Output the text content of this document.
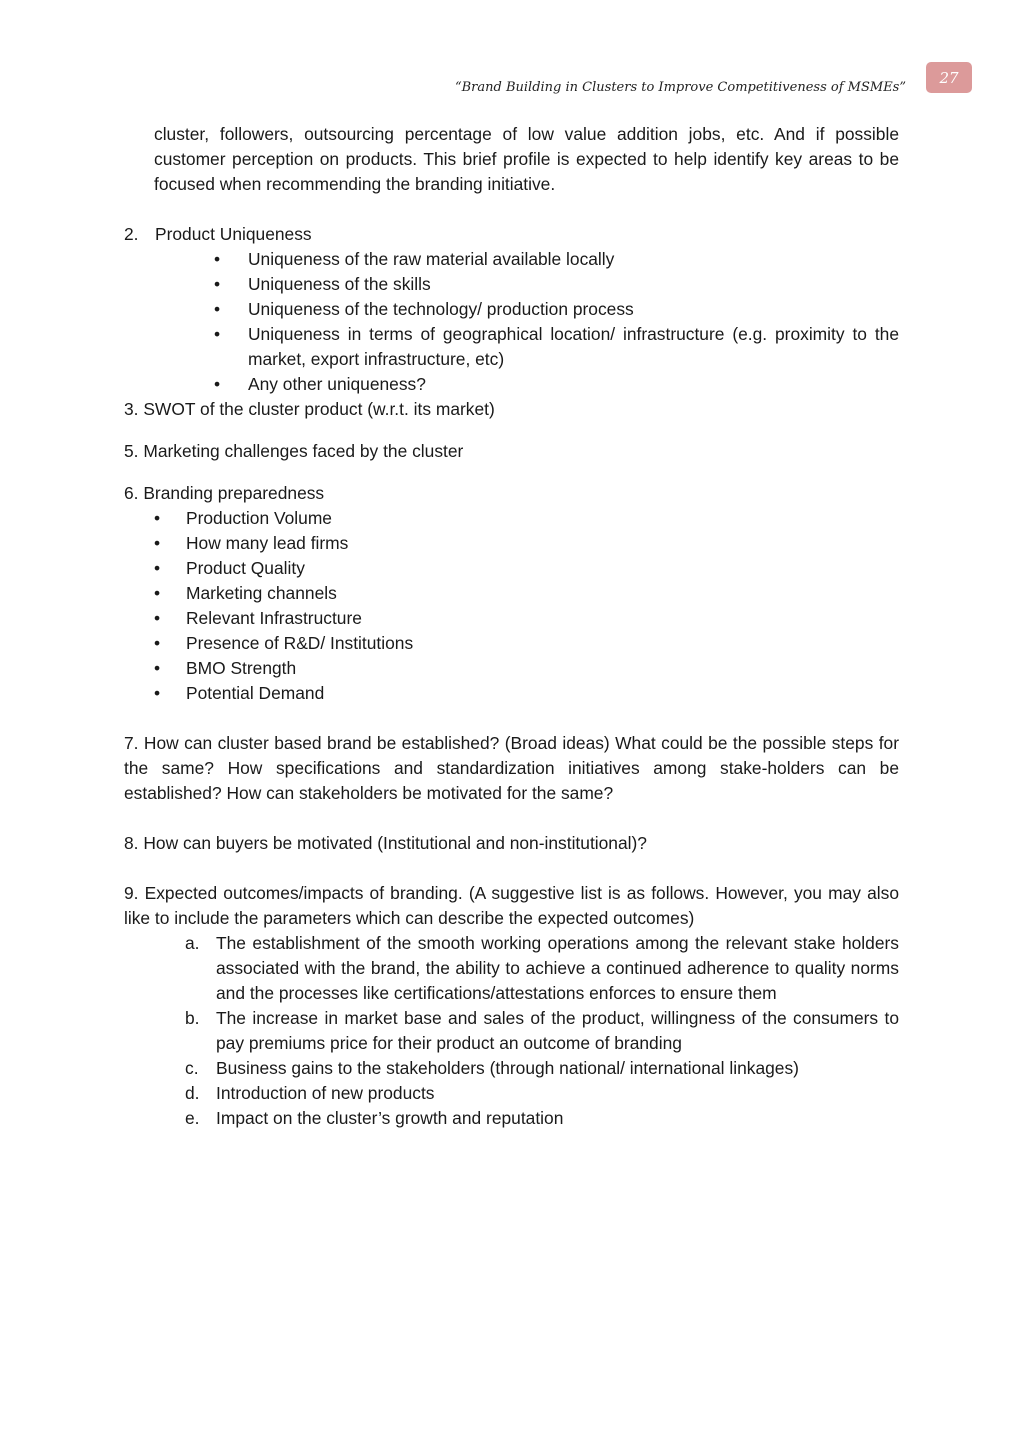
“Brand Building in Clusters to Improve Competitiveness of MSMEs”
27

cluster, followers, outsourcing percentage of low value addition jobs, etc. And if possible customer perception on products. This brief profile is expected to help identify key areas to be focused when recommending the branding initiative.

2. Product Uniqueness
•	Uniqueness of the raw material available locally
•	Uniqueness of the skills
•	Uniqueness of the technology/ production process
•	Uniqueness in terms of geographical location/ infrastructure (e.g. proximity to the market, export infrastructure, etc)
•	Any other uniqueness?

3. SWOT of the cluster product (w.r.t. its market)

5. Marketing challenges faced by the cluster

6. Branding preparedness

•	Production Volume
•	How many lead firms
•	Product Quality
•	Marketing channels
•	Relevant Infrastructure
•	Presence of R&D/ Institutions
•	BMO Strength
•	Potential Demand

7. How can cluster based brand be established? (Broad ideas) What could be the possible steps for the same? How specifications and standardization initiatives among stake-holders can be established? How can stakeholders be motivated for the same?

8. How can buyers be motivated (Institutional and non-institutional)?

9. Expected outcomes/impacts of branding. (A suggestive list is as follows. However, you may also like to include the parameters which can describe the expected outcomes)

a. The establishment of the smooth working operations among the relevant stake holders associated with the brand, the ability to achieve a continued adherence to quality norms and the processes like certifications/attestations enforces to ensure them
b. The increase in market base and sales of the product, willingness of the consumers to pay premiums price for their product an outcome of branding
c.	Business gains to the stakeholders (through national/ international linkages)
d. Introduction of new products
e. Impact on the cluster’s growth and reputation
